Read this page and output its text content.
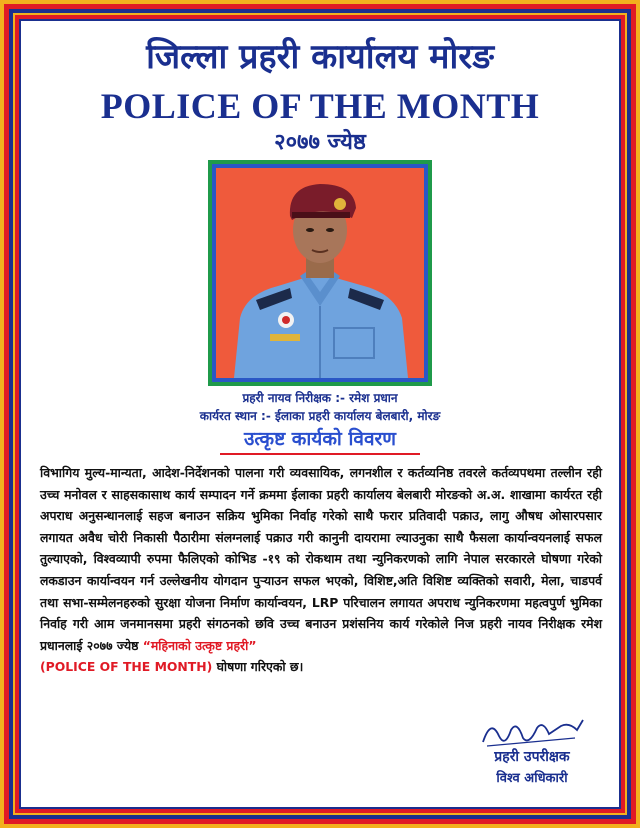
जिल्ला प्रहरी कार्यालय मोरङ
POLICE OF THE MONTH
२०७७ ज्येष्ठ
प्रहरी नायव निरीक्षक :- रमेश प्रधान
कार्यरत स्थान :- ईलाका प्रहरी कार्यालय बेलबारी, मोरङ
उत्कृष्ट कार्यको विवरण
विभागिय मुल्य-मान्यता, आदेश-निर्देशनको पालना गरी व्यवसायिक, लगनशील र कर्तव्यनिष्ठ तवरले कर्तव्यपथमा तल्लीन रही उच्च मनोवल र साहसकासाथ कार्य सम्पादन गर्ने क्रममा ईलाका प्रहरी कार्यालय बेलबारी मोरङको अ.अ. शाखामा कार्यरत रही अपराध अनुसन्धानलाई सहज बनाउन सक्रिय भुमिका निर्वाह गरेको साथै फरार प्रतिवादी पक्राउ, लागु औषध ओसारपसार लगायत अवैध चोरी निकासी पैठारीमा संलग्नलाई पक्राउ गरी कानुनी दायरामा ल्याउनुका साथै फैसला कार्यान्वयनलाई सफल तुल्याएको, विश्वव्यापी रुपमा फैलिएको कोभिड -१९ को रोकथाम तथा न्युनिकरणको लागि नेपाल सरकारले घोषणा गरेको लकडाउन कार्यान्वयन गर्न उल्लेखनीय योगदान पुऱ्याउन सफल भएको, विशिष्ट,अति विशिष्ट व्यक्तिको सवारी, मेला, चाडपर्व तथा सभा-सम्मेलनहरुको सुरक्षा योजना निर्माण कार्यान्वयन, LRP परिचालन लगायत अपराध न्युनिकरणमा महत्वपुर्ण भुमिका निर्वाह गरी आम जनमानसमा प्रहरी संगठनको छवि उच्च बनाउन प्रशंसनिय कार्य गरेकोले निज प्रहरी नायव निरीक्षक रमेश प्रधानलाई २०७७ ज्येष्ठ “महिनाको उत्कृष्ट प्रहरी”
(POLICE OF THE MONTH) घोषणा गरिएको छ।
प्रहरी उपरीक्षक
विश्व अधिकारी
